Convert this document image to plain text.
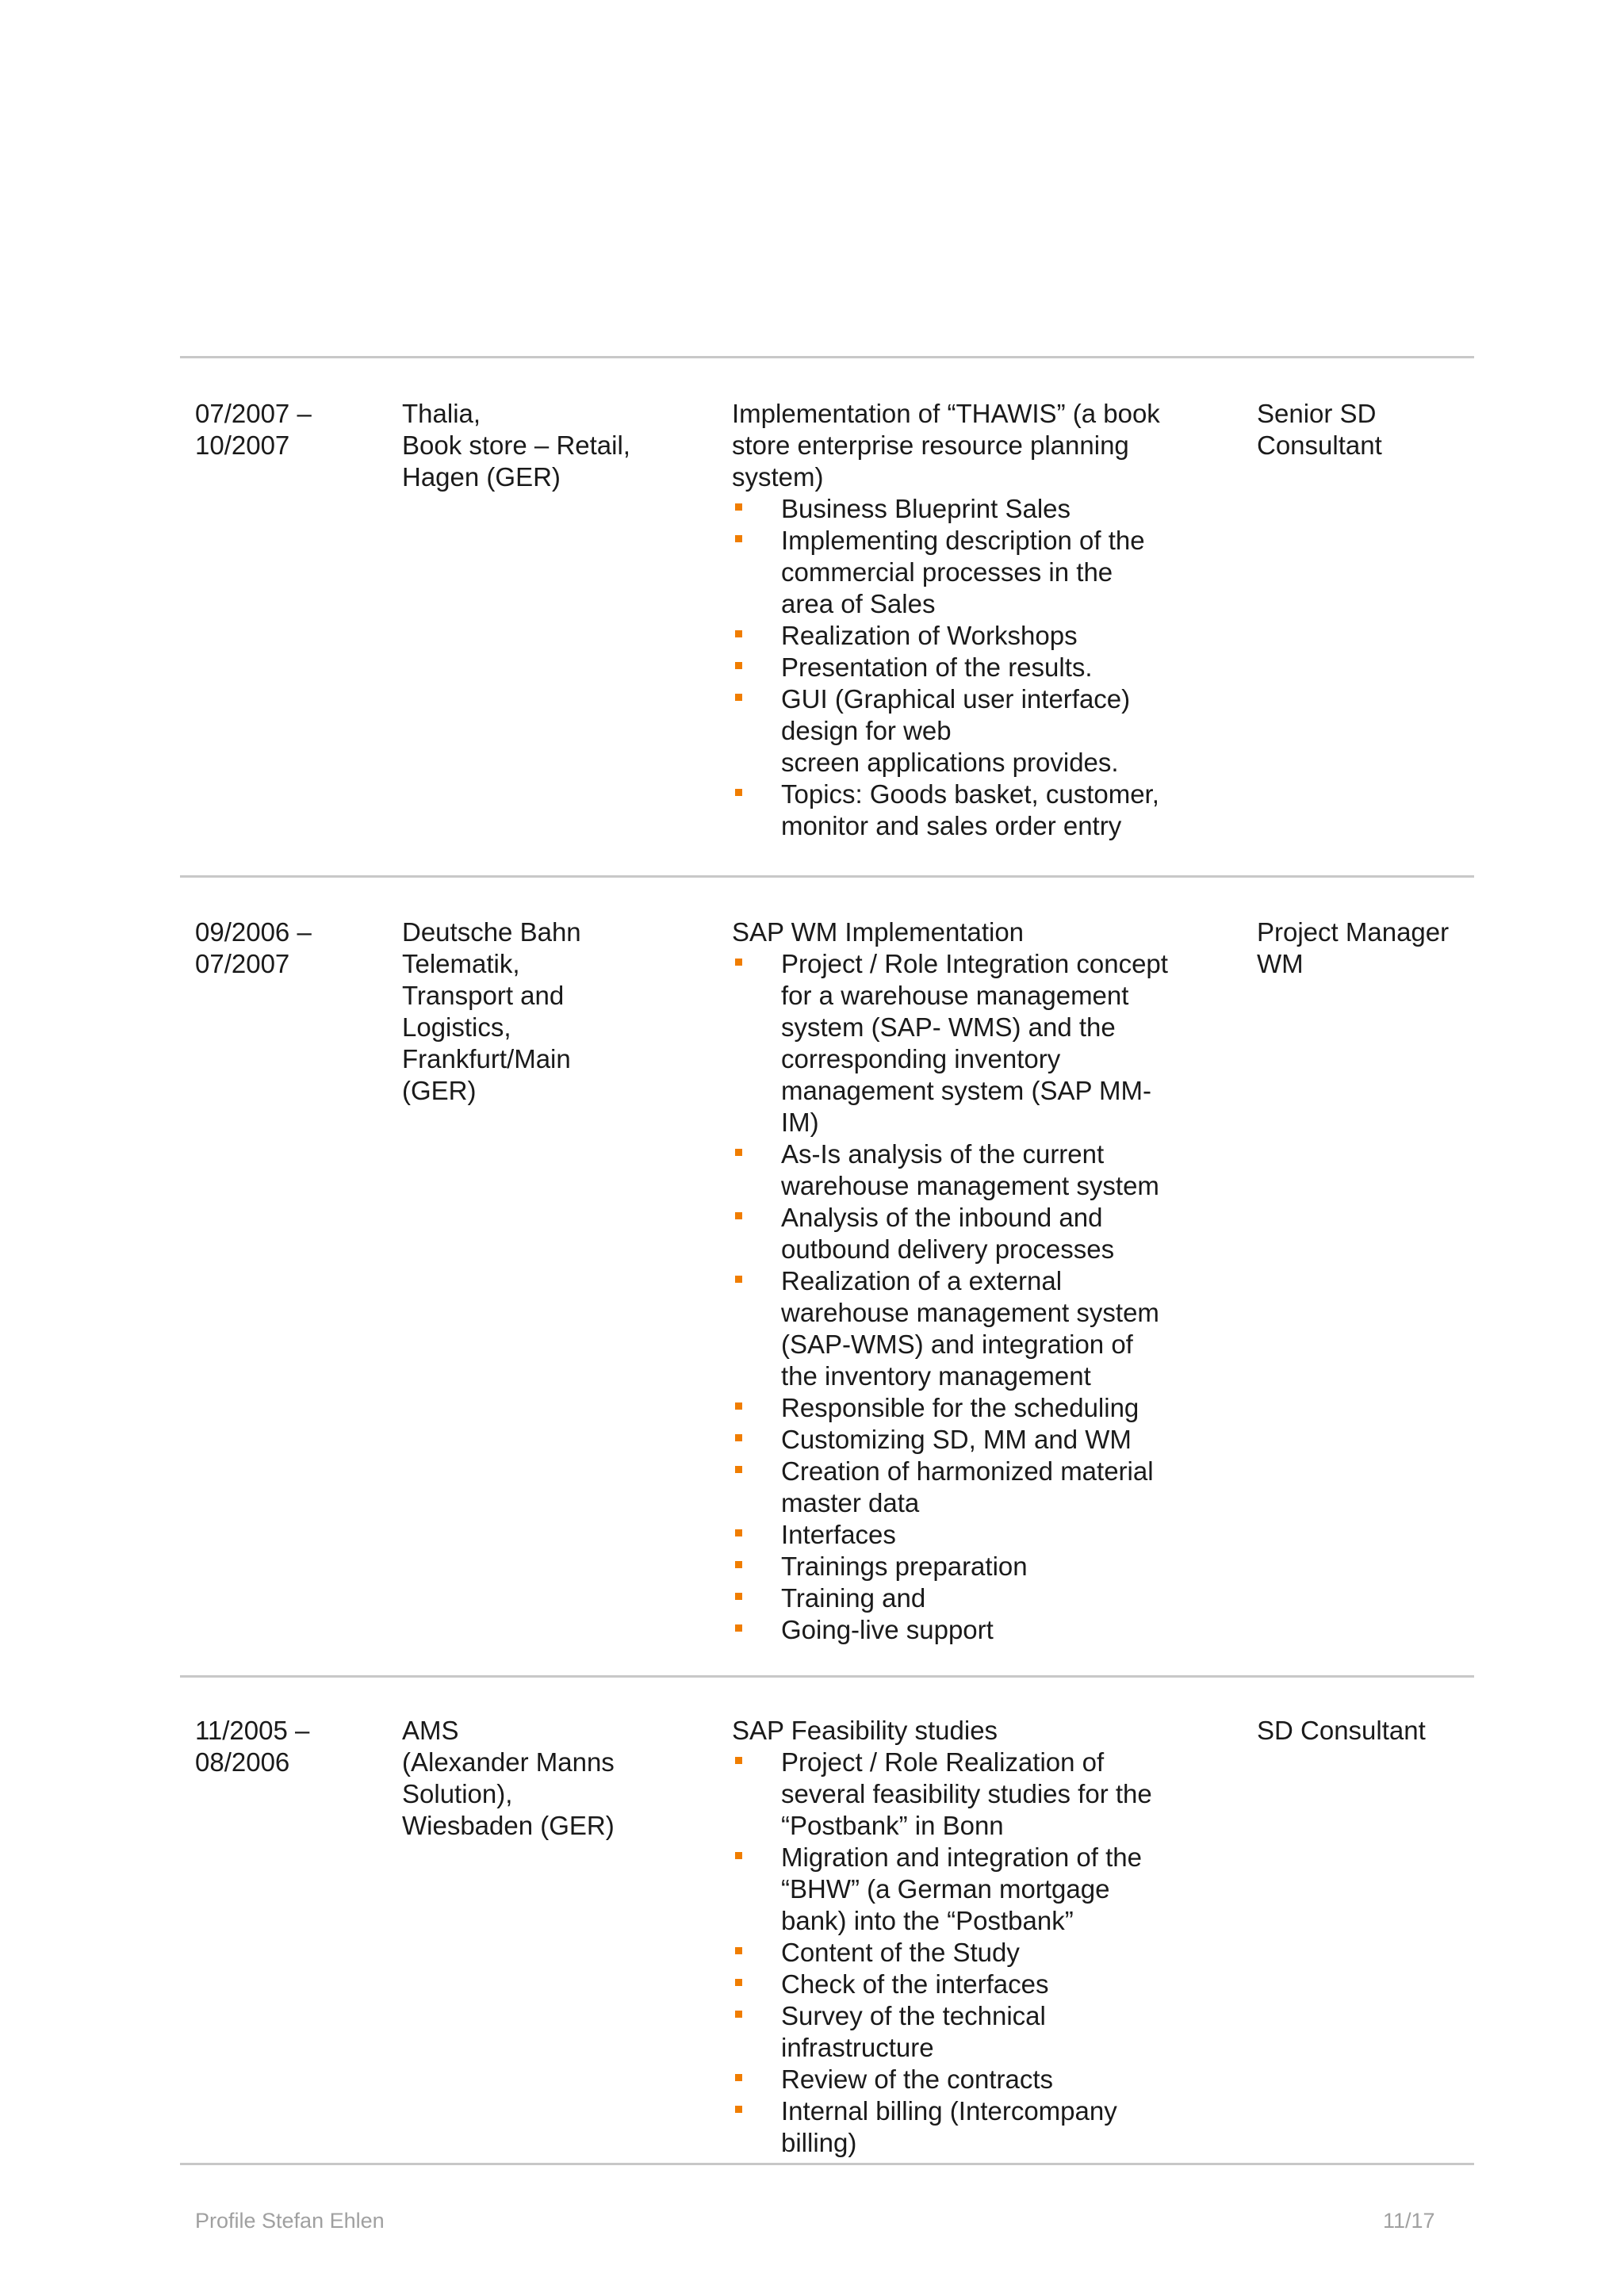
07/2007 –
10/2007
Thalia,
Book store – Retail,
Hagen (GER)
Implementation of “THAWIS” (a book
store enterprise resource planning
system)
Business Blueprint Sales
Implementing description of the
commercial processes in the
area of Sales
Realization of Workshops
Presentation of the results.
GUI (Graphical user interface)
design for web
screen applications provides.
Topics: Goods basket, customer,
monitor and sales order entry
Senior SD
Consultant
09/2006 –
07/2007
Deutsche Bahn
Telematik,
Transport and
Logistics,
Frankfurt/Main
(GER)
SAP WM Implementation
Project / Role Integration concept
for a warehouse management
system (SAP- WMS) and the
corresponding inventory
management system (SAP MM-
IM)
As-Is analysis of the current
warehouse management system
Analysis of the inbound and
outbound delivery processes
Realization of a external
warehouse management system
(SAP-WMS) and integration of
the inventory management
Responsible for the scheduling
Customizing SD, MM and WM
Creation of harmonized material
master data
Interfaces
Trainings preparation
Training and
Going-live support
Project Manager
WM
11/2005 –
08/2006
AMS
(Alexander Manns
Solution),
Wiesbaden (GER)
SAP Feasibility studies
Project / Role Realization of
several feasibility studies for the
“Postbank” in Bonn
Migration and integration of the
“BHW” (a German mortgage
bank) into the “Postbank”
Content of the Study
Check of the interfaces
Survey of the technical
infrastructure
Review of the contracts
Internal billing (Intercompany
billing)
SD Consultant
Profile Stefan Ehlen	11/17
